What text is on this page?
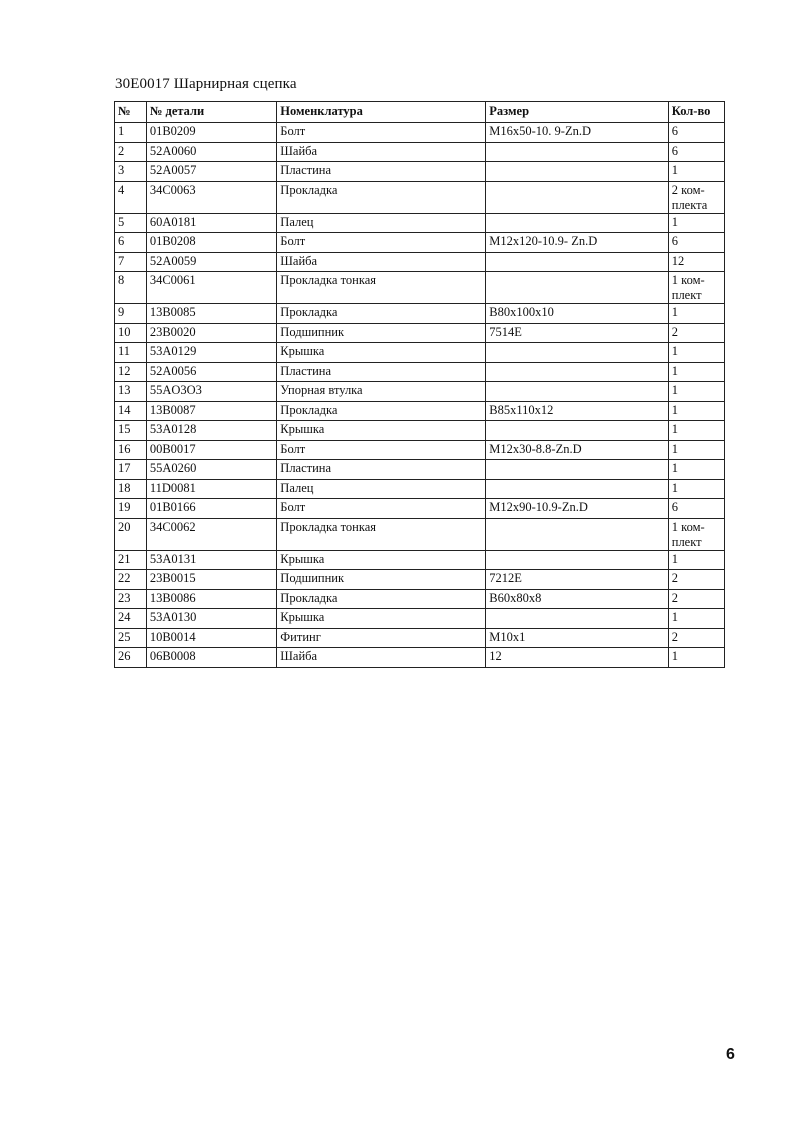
30E0017 Шарнирная сцепка
№	№ детали	Номенклатура	Размер	Кол-во
1	01B0209	Болт	M16x50-10. 9-Zn.D	6
2	52A0060	Шайба		6
3	52A0057	Пластина		1
4	34C0063	Прокладка		2 ком-
плекта
5	60A0181	Палец		1
6	01B0208	Болт	M12x120-10.9- Zn.D	6
7	52A0059	Шайба		12
8	34C0061	Прокладка тонкая		1 ком-
плект
9	13B0085	Прокладка	B80x100x10	1
10	23B0020	Подшипник	7514E	2
11	53A0129	Крышка		1
12	52A0056	Пластина		1
13	55AO3O3	Упорная втулка		1
14	13B0087	Прокладка	B85x110x12	1
15	53A0128	Крышка		1
16	00B0017	Болт	M12x30-8.8-Zn.D	1
17	55A0260	Пластина		1
18	11D0081	Палец		1
19	01B0166	Болт	M12x90-10.9-Zn.D	6
20	34C0062	Прокладка тонкая		1 ком-
плект
21	53A0131	Крышка		1
22	23B0015	Подшипник	7212E	2
23	13B0086	Прокладка	B60x80x8	2
24	53A0130	Крышка		1
25	10B0014	Фитинг	M10x1	2
26	06B0008	Шайба	12	1
6
